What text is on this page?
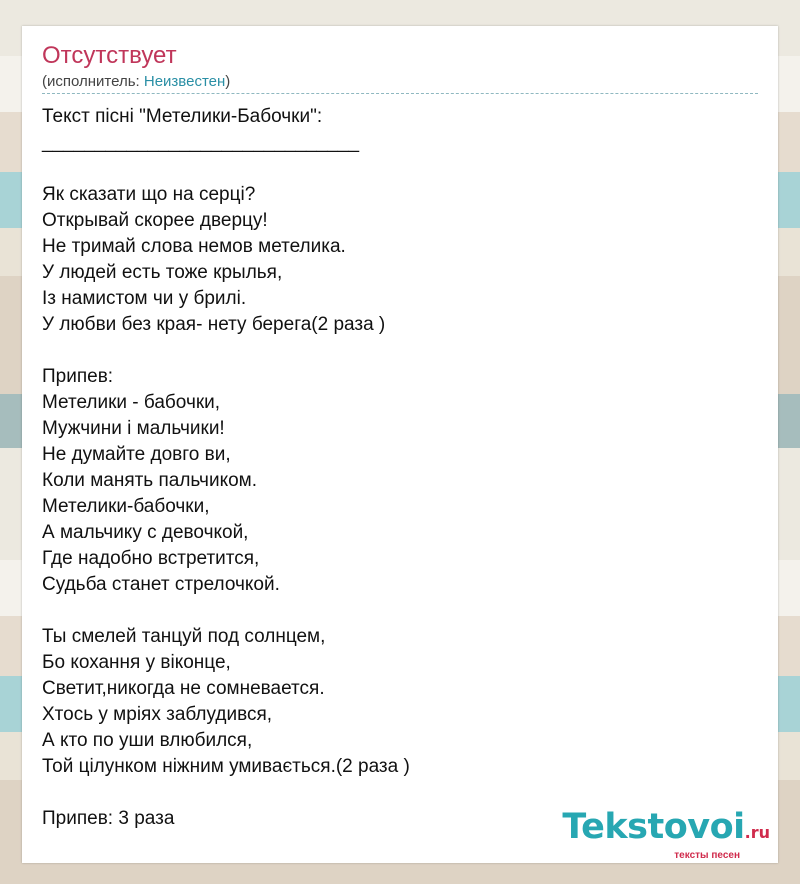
Отсутствует
(исполнитель: Неизвестен)
Текст пісні "Метелики-Бабочки":
______________________________
Як сказати що на серці?
Открывай скорее дверцу!
Не тримай слова немов метелика.
У людей есть тоже крылья,
Із намистом чи у брилі.
У любви без края- нету берега(2 раза )
Припев:
Метелики - бабочки,
Мужчини і мальчики!
Не думайте довго ви,
Коли манять пальчиком.
Метелики-бабочки,
А мальчику с девочкой,
Где надобно встретится,
Судьба станет стрелочкой.
Ты смелей танцуй под солнцем,
Бо кохання у віконце,
Светит,никогда не сомневается.
Хтось у мріях заблудився,
А кто по уши влюбился,
Той цілунком ніжним умивається.(2 раза )
Припев: 3 раза	Tekstovoi.ru
тексты песен
